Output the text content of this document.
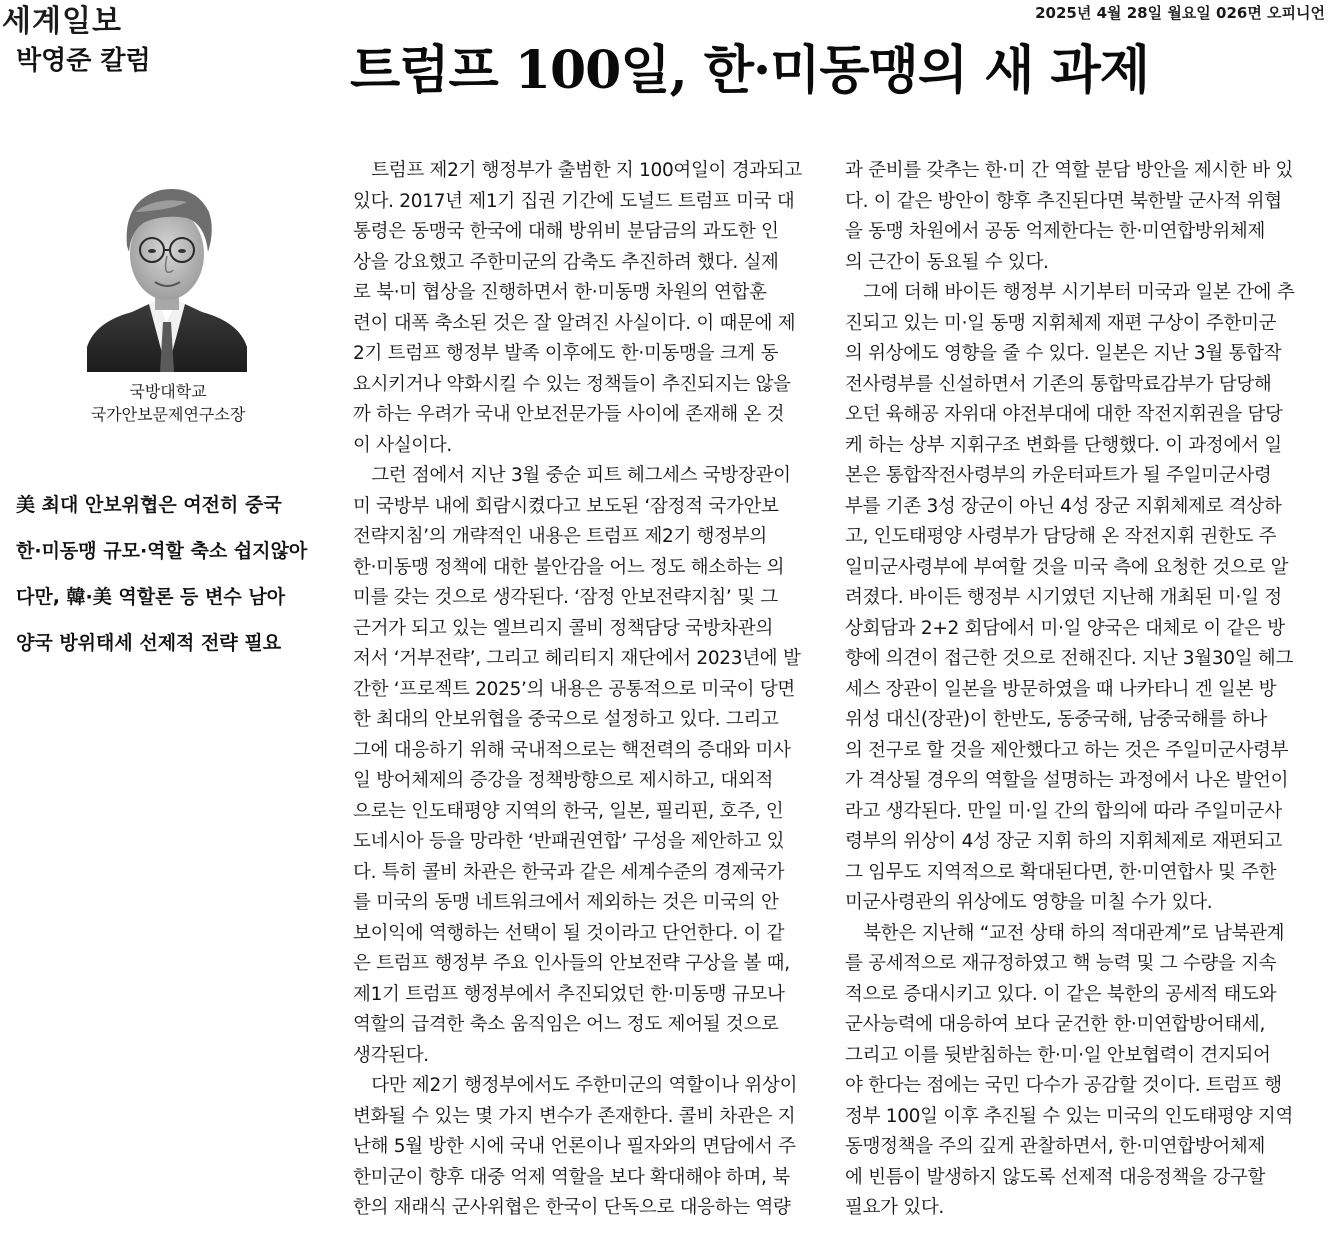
세계일보	2025년 4월 28일 월요일 026면 오피니언
박영준 칼럼	트럼프 100일, 한·미동맹의 새 과제
국방대학교
국가안보문제연구소장
美 최대 안보위협은 여전히 중국
한·미동맹 규모·역할 축소 쉽지않아
다만, 韓·美 역할론 등 변수 남아
양국 방위태세 선제적 전략 필요
　트럼프 제2기 행정부가 출범한 지 100여일이 경과되고
있다. 2017년 제1기 집권 기간에 도널드 트럼프 미국 대
통령은 동맹국 한국에 대해 방위비 분담금의 과도한 인
상을 강요했고 주한미군의 감축도 추진하려 했다. 실제
로 북·미 협상을 진행하면서 한·미동맹 차원의 연합훈
련이 대폭 축소된 것은 잘 알려진 사실이다. 이 때문에 제
2기 트럼프 행정부 발족 이후에도 한·미동맹을 크게 동
요시키거나 약화시킬 수 있는 정책들이 추진되지는 않을
까 하는 우려가 국내 안보전문가들 사이에 존재해 온 것
이 사실이다.
　그런 점에서 지난 3월 중순 피트 헤그세스 국방장관이
미 국방부 내에 회람시켰다고 보도된 ‘잠정적 국가안보
전략지침’의 개략적인 내용은 트럼프 제2기 행정부의
한·미동맹 정책에 대한 불안감을 어느 정도 해소하는 의
미를 갖는 것으로 생각된다. ‘잠정 안보전략지침’ 및 그
근거가 되고 있는 엘브리지 콜비 정책담당 국방차관의
저서 ‘거부전략’, 그리고 헤리티지 재단에서 2023년에 발
간한 ‘프로젝트 2025’의 내용은 공통적으로 미국이 당면
한 최대의 안보위협을 중국으로 설정하고 있다. 그리고
그에 대응하기 위해 국내적으로는 핵전력의 증대와 미사
일 방어체제의 증강을 정책방향으로 제시하고, 대외적
으로는 인도태평양 지역의 한국, 일본, 필리핀, 호주, 인
도네시아 등을 망라한 ‘반패권연합’ 구성을 제안하고 있
다. 특히 콜비 차관은 한국과 같은 세계수준의 경제국가
를 미국의 동맹 네트워크에서 제외하는 것은 미국의 안
보이익에 역행하는 선택이 될 것이라고 단언한다. 이 같
은 트럼프 행정부 주요 인사들의 안보전략 구상을 볼 때,
제1기 트럼프 행정부에서 추진되었던 한·미동맹 규모나
역할의 급격한 축소 움직임은 어느 정도 제어될 것으로
생각된다.
　다만 제2기 행정부에서도 주한미군의 역할이나 위상이
변화될 수 있는 몇 가지 변수가 존재한다. 콜비 차관은 지
난해 5월 방한 시에 국내 언론이나 필자와의 면담에서 주
한미군이 향후 대중 억제 역할을 보다 확대해야 하며, 북
한의 재래식 군사위협은 한국이 단독으로 대응하는 역량
과 준비를 갖추는 한·미 간 역할 분담 방안을 제시한 바 있
다. 이 같은 방안이 향후 추진된다면 북한발 군사적 위협
을 동맹 차원에서 공동 억제한다는 한·미연합방위체제
의 근간이 동요될 수 있다.
　그에 더해 바이든 행정부 시기부터 미국과 일본 간에 추
진되고 있는 미·일 동맹 지휘체제 재편 구상이 주한미군
의 위상에도 영향을 줄 수 있다. 일본은 지난 3월 통합작
전사령부를 신설하면서 기존의 통합막료감부가 담당해
오던 육해공 자위대 야전부대에 대한 작전지휘권을 담당
케 하는 상부 지휘구조 변화를 단행했다. 이 과정에서 일
본은 통합작전사령부의 카운터파트가 될 주일미군사령
부를 기존 3성 장군이 아닌 4성 장군 지휘체제로 격상하
고, 인도태평양 사령부가 담당해 온 작전지휘 권한도 주
일미군사령부에 부여할 것을 미국 측에 요청한 것으로 알
려졌다. 바이든 행정부 시기였던 지난해 개최된 미·일 정
상회담과 2+2 회담에서 미·일 양국은 대체로 이 같은 방
향에 의견이 접근한 것으로 전해진다. 지난 3월30일 헤그
세스 장관이 일본을 방문하였을 때 나카타니 겐 일본 방
위성 대신(장관)이 한반도, 동중국해, 남중국해를 하나
의 전구로 할 것을 제안했다고 하는 것은 주일미군사령부
가 격상될 경우의 역할을 설명하는 과정에서 나온 발언이
라고 생각된다. 만일 미·일 간의 합의에 따라 주일미군사
령부의 위상이 4성 장군 지휘 하의 지휘체제로 재편되고
그 임무도 지역적으로 확대된다면, 한·미연합사 및 주한
미군사령관의 위상에도 영향을 미칠 수가 있다.
　북한은 지난해 “교전 상태 하의 적대관계”로 남북관계
를 공세적으로 재규정하였고 핵 능력 및 그 수량을 지속
적으로 증대시키고 있다. 이 같은 북한의 공세적 태도와
군사능력에 대응하여 보다 굳건한 한·미연합방어태세,
그리고 이를 뒷받침하는 한·미·일 안보협력이 견지되어
야 한다는 점에는 국민 다수가 공감할 것이다. 트럼프 행
정부 100일 이후 추진될 수 있는 미국의 인도태평양 지역
동맹정책을 주의 깊게 관찰하면서, 한·미연합방어체제
에 빈틈이 발생하지 않도록 선제적 대응정책을 강구할
필요가 있다.
